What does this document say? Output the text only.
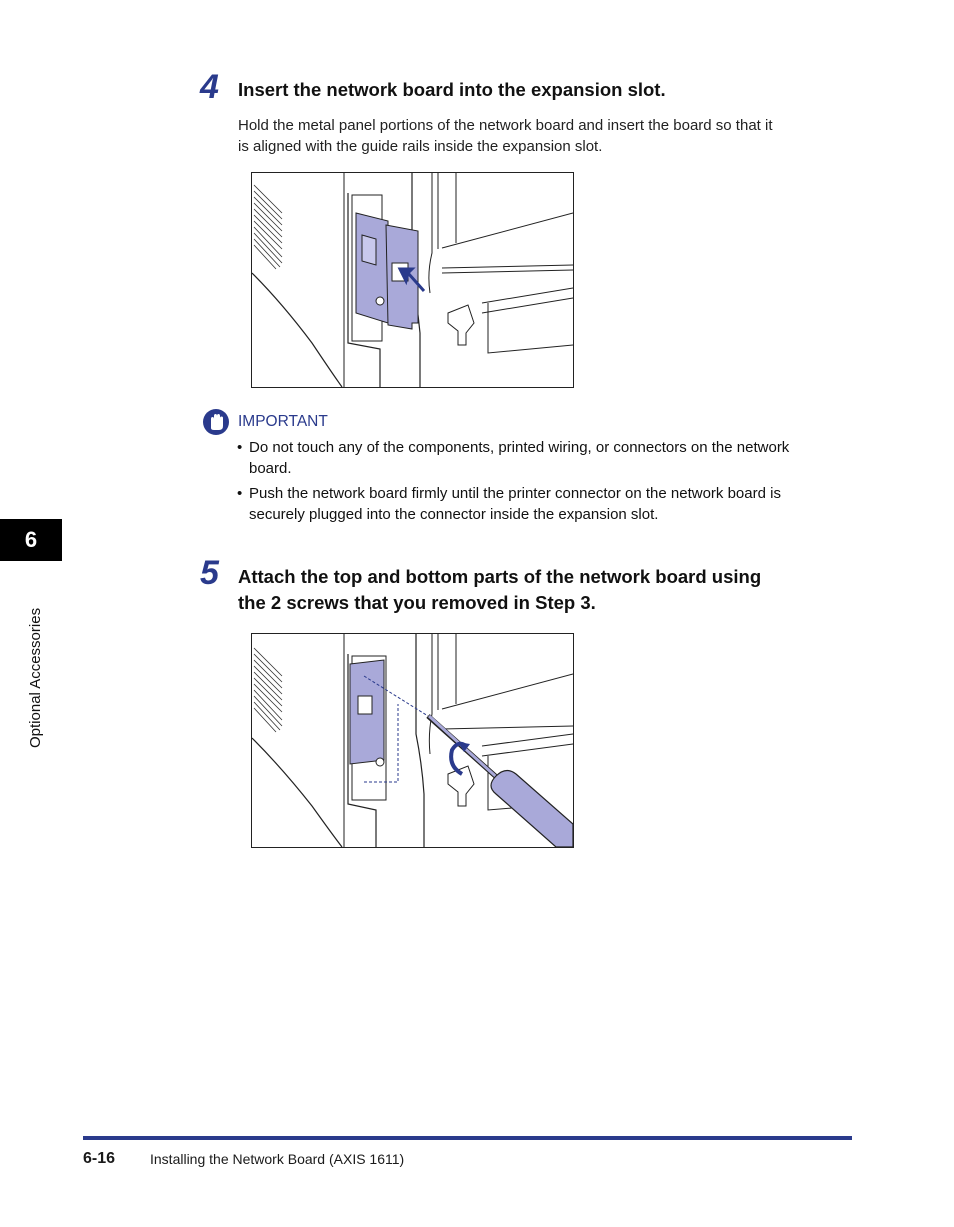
4 Insert the network board into the expansion slot.
Hold the metal panel portions of the network board and insert the board so that it
is aligned with the guide rails inside the expansion slot.
IMPORTANT
• Do not touch any of the components, printed wiring, or connectors on the network
board.
• Push the network board firmly until the printer connector on the network board is
securely plugged into the connector inside the expansion slot.
5 Attach the top and bottom parts of the network board using
the 2 screws that you removed in Step 3.
6
Optional Accessories
6-16 Installing the Network Board (AXIS 1611)
